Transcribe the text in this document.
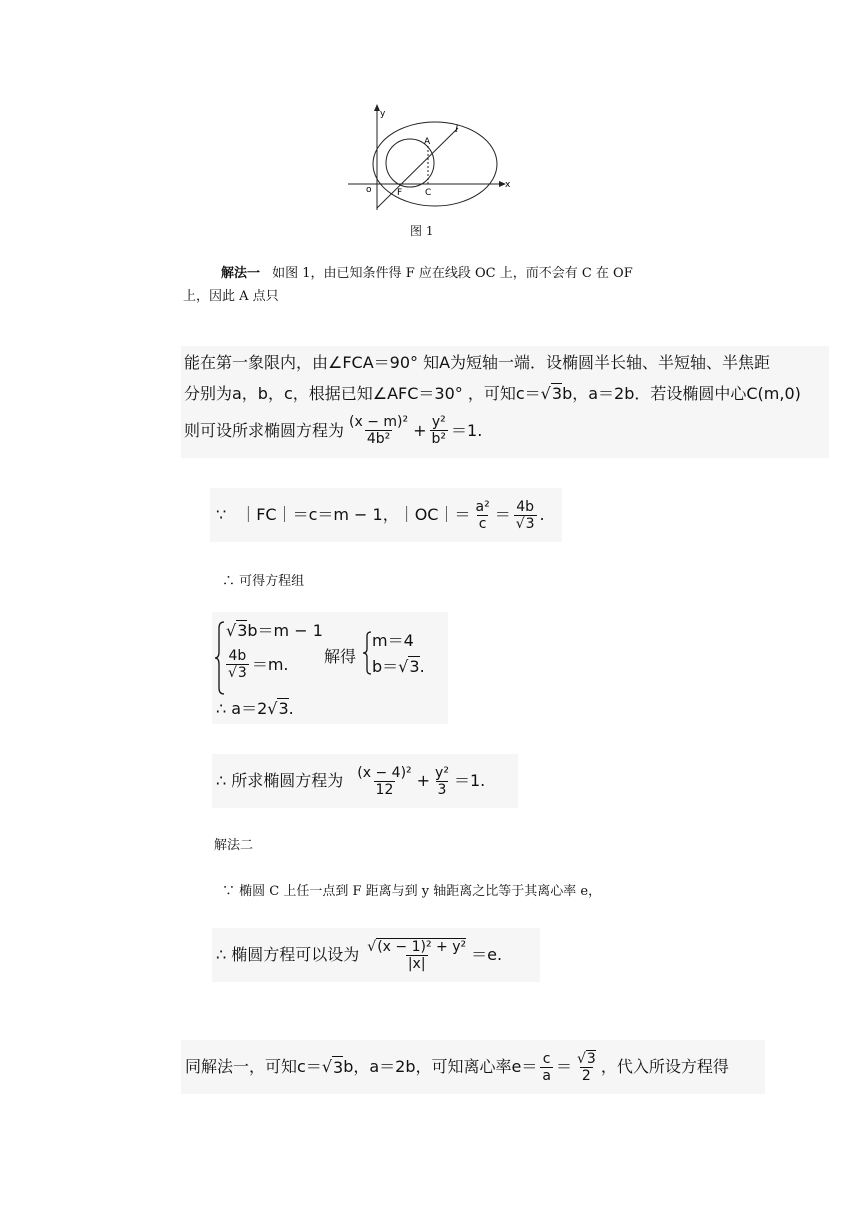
y
x
o
A
F	C
l
图 1
解法一 如图 1，由已知条件得 F 应在线段 OC 上，而不会有 C 在 OF
上，因此 A 点只
能在第一象限内，由∠FCA＝90° 知A为短轴一端．设椭圆半长轴、半短轴、半焦距
分别为a，b，c，根据已知∠AFC＝30° ，可知c＝√3b，a＝2b．若设椭圆中心C(m,0)
则可设所求椭圆方程为 $\frac{\text{(x − m)²}}{\text{4b²}} + \frac{\text{y²}}{\text{b²}} =1$.
∵ ｜FC｜＝c＝m − 1，｜OC｜＝ $\frac{\text{a²}}{c} = \frac{4b}{√3}$ .
∴ 可得方程组
√3b＝m − 1
$\frac{4b}{√3} =m$. 解得
m＝4
b＝√3.
∴ a＝2√3.
∴ 所求椭圆方程为 $\frac{\text{(x − 4)²}}{12} + \frac{\text{y²}}{3} =1$.
解法二
∵ 椭圆 C 上任一点到 F 距离与到 y 轴距离之比等于其离心率 e，
∴ 椭圆方程可以设为 $\frac{\text{√(x − 1)² + y²}}{|x|} =e$.
同解法一，可知c＝ √ 3 b，a＝2b，可知离心率$e= \frac{c}{a} = \frac{√3}{2}$ ，代入所设方程得
